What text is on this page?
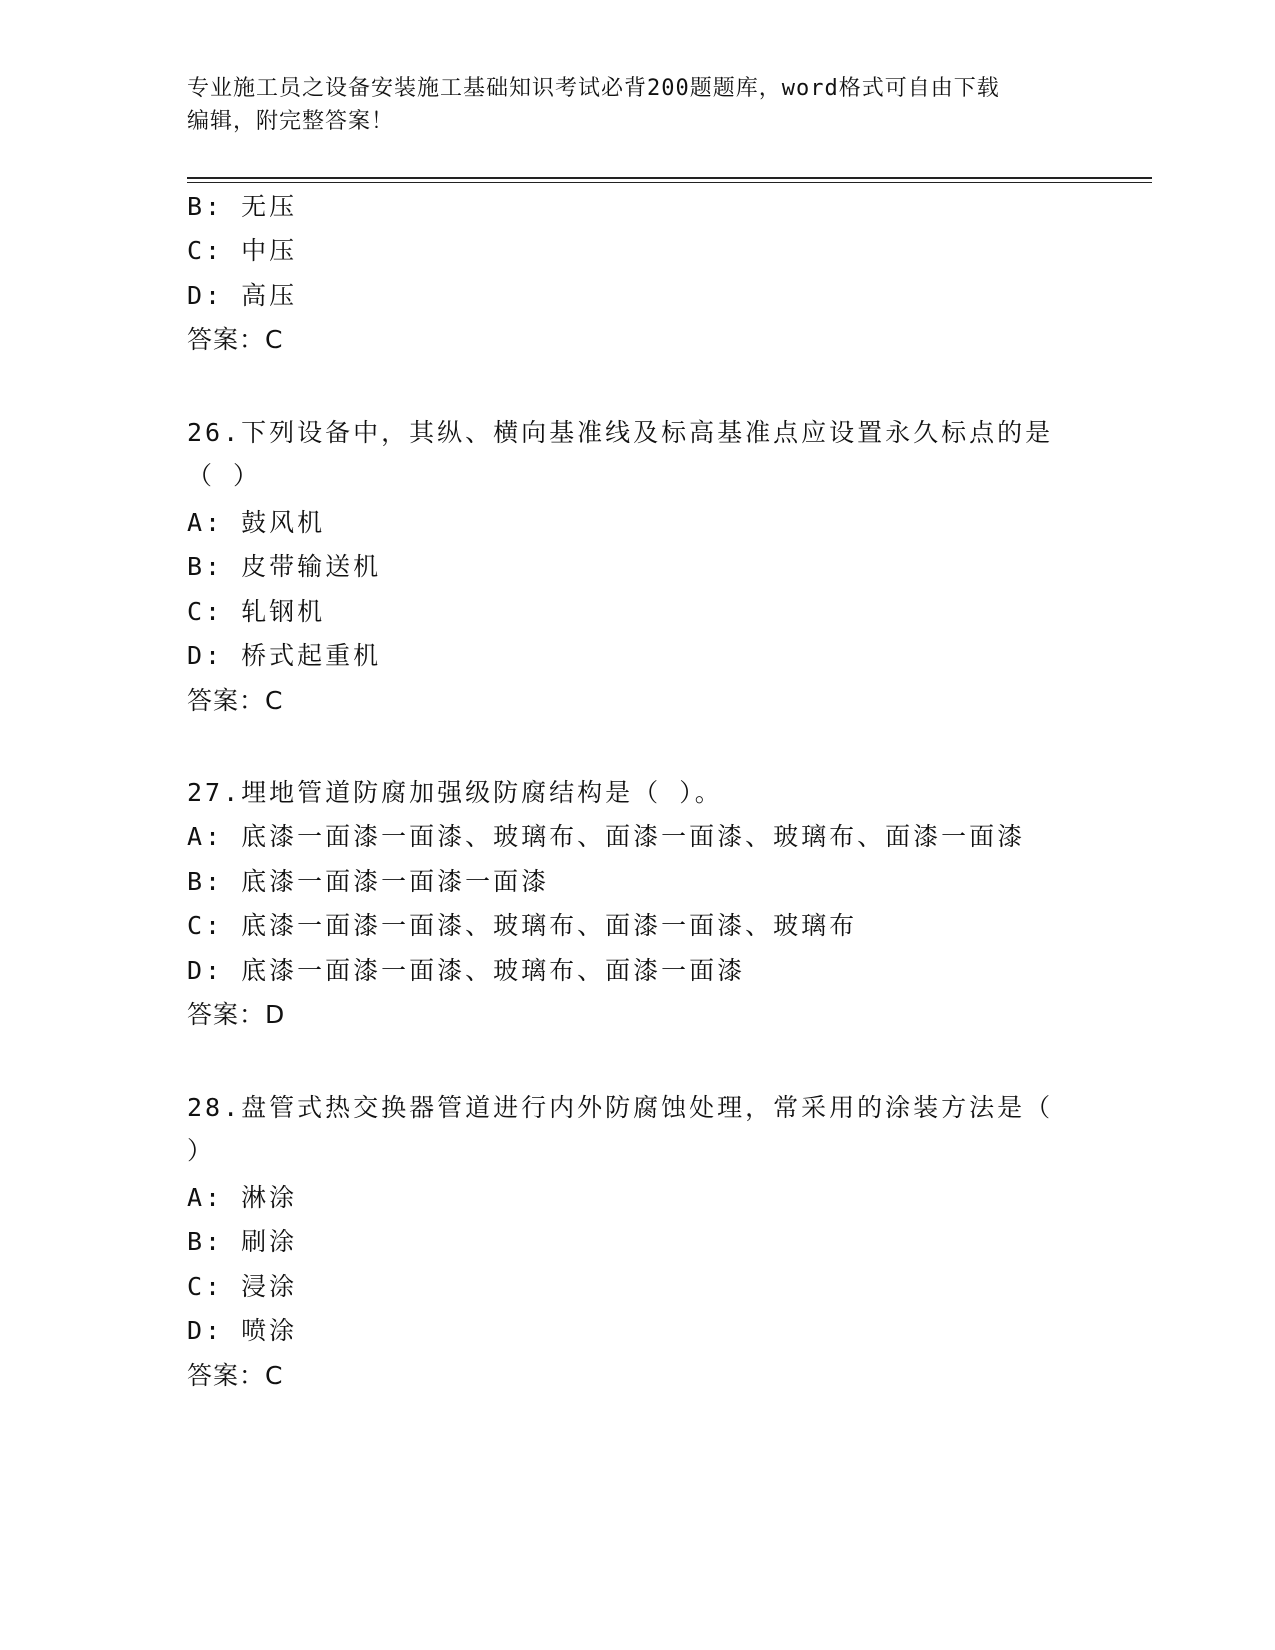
专业施工员之设备安装施工基础知识考试必背200题题库，word格式可自由下载
编辑，附完整答案！
B: 无压
C: 中压
D: 高压
答案：C
26.下列设备中，其纵、横向基准线及标高基准点应设置永久标点的是
（ ）
A: 鼓风机
B: 皮带输送机
C: 轧钢机
D: 桥式起重机
答案：C
27.埋地管道防腐加强级防腐结构是（ ）。
A: 底漆一面漆一面漆、玻璃布、面漆一面漆、玻璃布、面漆一面漆
B: 底漆一面漆一面漆一面漆
C: 底漆一面漆一面漆、玻璃布、面漆一面漆、玻璃布
D: 底漆一面漆一面漆、玻璃布、面漆一面漆
答案：D
28.盘管式热交换器管道进行内外防腐蚀处理，常采用的涂装方法是（
）
A: 淋涂
B: 刷涂
C: 浸涂
D: 喷涂
答案：C
